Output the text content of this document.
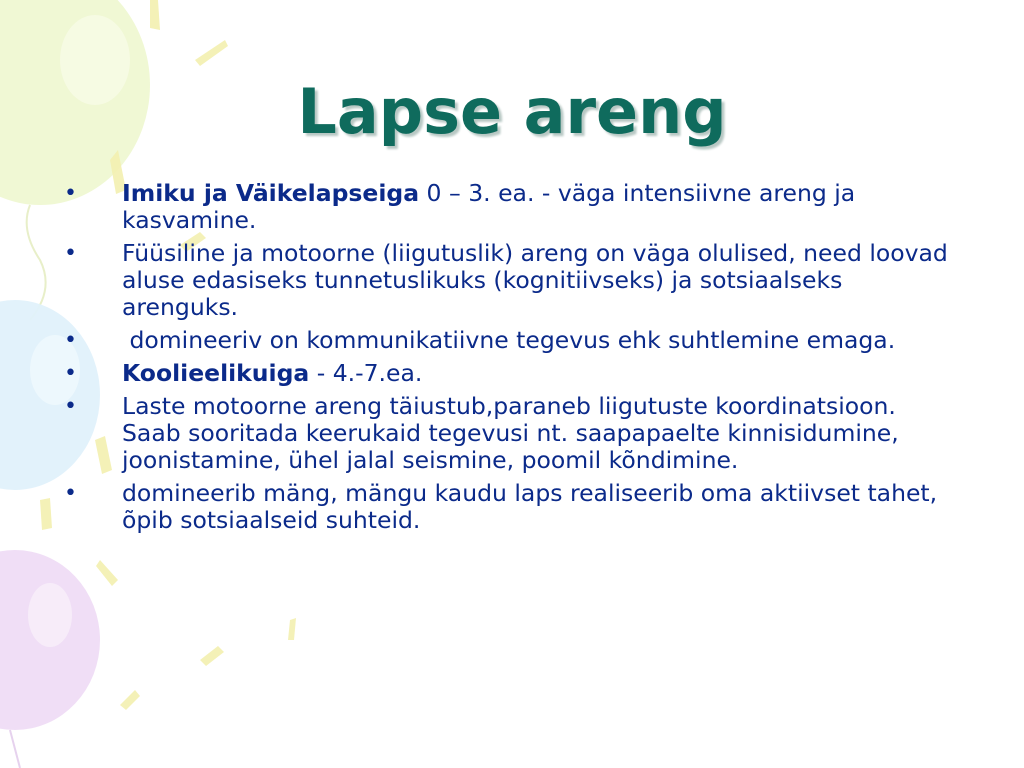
Lapse areng
• Imiku ja Väikelapseiga 0 – 3. ea. - väga intensiivne areng ja kasvamine.
• Füüsiline ja motoorne (liigutuslik) areng on väga olulised, need loovad aluse edasiseks tunnetuslikuks (kognitiivseks) ja sotsiaalseks arenguks.
• domineeriv on kommunikatiivne tegevus ehk suhtlemine emaga.
• Koolieelikuiga - 4.-7.ea.
• Laste motoorne areng täiustub,paraneb liigutuste koordinatsioon. Saab sooritada keerukaid tegevusi nt. saapapaelte kinnisidumine, joonistamine, ühel jalal seismine, poomil kõndimine.
• domineerib mäng, mängu kaudu laps realiseerib oma aktiivset tahet, õpib sotsiaalseid suhteid.
